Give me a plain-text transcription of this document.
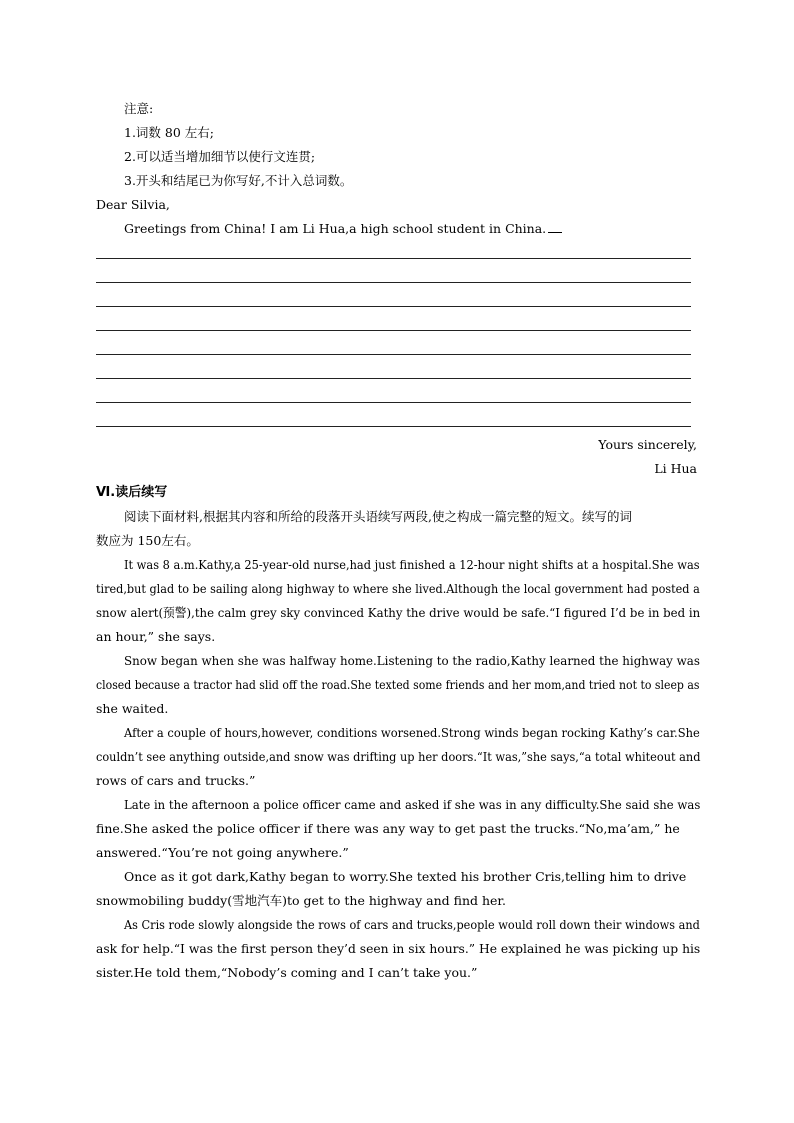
注意:
1.词数 80 左右;
2.可以适当增加细节以使行文连贯;
3.开头和结尾已为你写好,不计入总词数。
Dear Silvia,
Greetings from China! I am Li Hua,a high school student in China.
Yours sincerely,
Li Hua
Ⅵ.读后续写
阅读下面材料,根据其内容和所给的段落开头语续写两段,使之构成一篇完整的短文。续写的词
数应为 150左右。
It was 8 a.m.Kathy,a 25-year-old nurse,had just finished a 12-hour night shifts at a hospital.She was
tired,but glad to be sailing along highway to where she lived.Although the local government had posted a
snow alert(预警),the calm grey sky convinced Kathy the drive would be safe.“I figured I’d be in bed in
an hour,” she says.
Snow began when she was halfway home.Listening to the radio,Kathy learned the highway was
closed because a tractor had slid off the road.She texted some friends and her mom,and tried not to sleep as
she waited.
After a couple of hours,however, conditions worsened.Strong winds began rocking Kathy’s car.She
couldn’t see anything outside,and snow was drifting up her doors.“It was,”she says,“a total whiteout and
rows of cars and trucks.”
Late in the afternoon a police officer came and asked if she was in any difficulty.She said she was
fine.She asked the police officer if there was any way to get past the trucks.“No,ma’am,” he
answered.“You’re not going anywhere.”
Once as it got dark,Kathy began to worry.She texted his brother Cris,telling him to drive
snowmobiling buddy(雪地汽车)to get to the highway and find her.
As Cris rode slowly alongside the rows of cars and trucks,people would roll down their windows and
ask for help.“I was the first person they’d seen in six hours.” He explained he was picking up his
sister.He told them,“Nobody’s coming and I can’t take you.”
